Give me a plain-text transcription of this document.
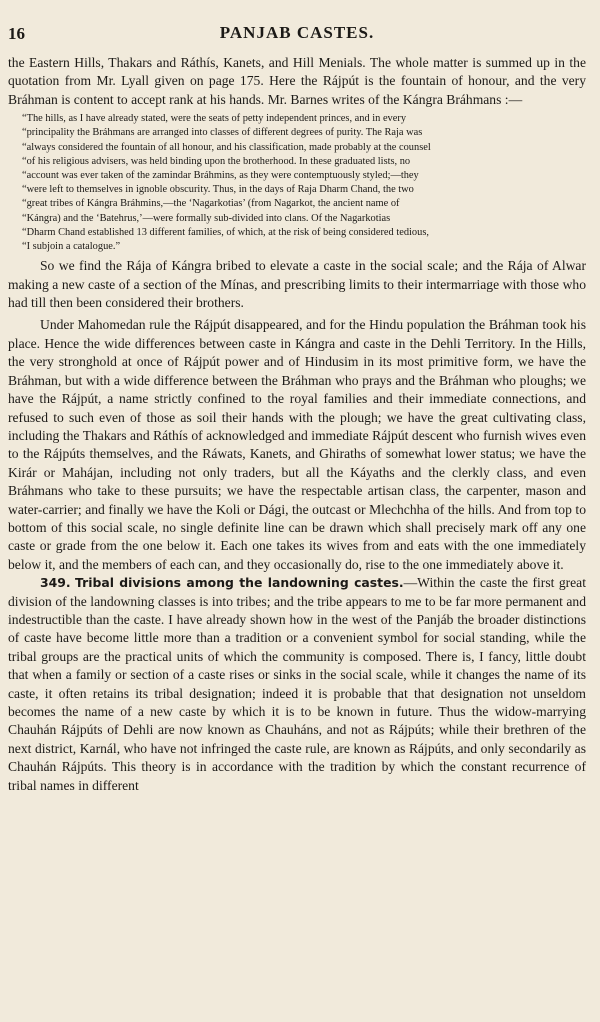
16	PANJAB CASTES.

the Eastern Hills, Thakars and Ráthís, Kanets, and Hill Menials. The whole matter is summed up in the quotation from Mr. Lyall given on page 175. Here the Rájpút is the fountain of honour, and the very Bráhman is content to accept rank at his hands. Mr. Barnes writes of the Kángra Bráhmans :—

“The hills, as I have already stated, were the seats of petty independent princes, and in every
“principality the Bráhmans are arranged into classes of different degrees of purity. The Raja was
“always considered the fountain of all honour, and his classification, made probably at the counsel
“of his religious advisers, was held binding upon the brotherhood. In these graduated lists, no
“account was ever taken of the zamindar Bráhmins, as they were contemptuously styled;—they
“were left to themselves in ignoble obscurity. Thus, in the days of Raja Dharm Chand, the two
“great tribes of Kángra Bráhmins,—the ‘Nagarkotias’ (from Nagarkot, the ancient name of
“Kángra) and the ‘Batehrus,’—were formally sub-divided into clans. Of the Nagarkotias
“Dharm Chand established 13 different families, of which, at the risk of being considered tedious,
“I subjoin a catalogue.”

So we find the Rája of Kángra bribed to elevate a caste in the social scale; and the Rája of Alwar making a new caste of a section of the Mínas, and prescribing limits to their intermarriage with those who had till then been considered their brothers.

Under Mahomedan rule the Rájpút disappeared, and for the Hindu population the Bráhman took his place. Hence the wide differences between caste in Kángra and caste in the Dehli Territory. In the Hills, the very stronghold at once of Rájpút power and of Hindusim in its most primitive form, we have the Bráhman, but with a wide difference between the Bráhman who prays and the Bráhman who ploughs; we have the Rájpút, a name strictly confined to the royal families and their immediate connections, and refused to such even of those as soil their hands with the plough; we have the great cultivating class, including the Thakars and Ráthís of acknowledged and immediate Rájpút descent who furnish wives even to the Rájpúts themselves, and the Ráwats, Kanets, and Ghiraths of somewhat lower status; we have the Kirár or Mahájan, including not only traders, but all the Káyaths and the clerkly class, and even Bráhmans who take to these pursuits; we have the respectable artisan class, the carpenter, mason and water-carrier; and finally we have the Koli or Dági, the outcast or Mlechchha of the hills. And from top to bottom of this social scale, no single definite line can be drawn which shall precisely mark off any one caste or grade from the one below it. Each one takes its wives from and eats with the one immediately below it, and the members of each can, and they occasionally do, rise to the one immediately above it.

349. Tribal divisions among the landowning castes.—Within the caste the first great division of the landowning classes is into tribes; and the tribe appears to me to be far more permanent and indestructible than the caste. I have already shown how in the west of the Panjáb the broader distinctions of caste have become little more than a tradition or a convenient symbol for social standing, while the tribal groups are the practical units of which the community is composed. There is, I fancy, little doubt that when a family or section of a caste rises or sinks in the social scale, while it changes the name of its caste, it often retains its tribal designation; indeed it is probable that that designation not unseldom becomes the name of a new caste by which it is to be known in future. Thus the widow-marrying Chauhán Rájpúts of Dehli are now known as Chauháns, and not as Rájpúts; while their brethren of the next district, Karnál, who have not infringed the caste rule, are known as Rájpúts, and only secondarily as Chauhán Rájpúts. This theory is in accordance with the tradition by which the constant recurrence of tribal names in different
